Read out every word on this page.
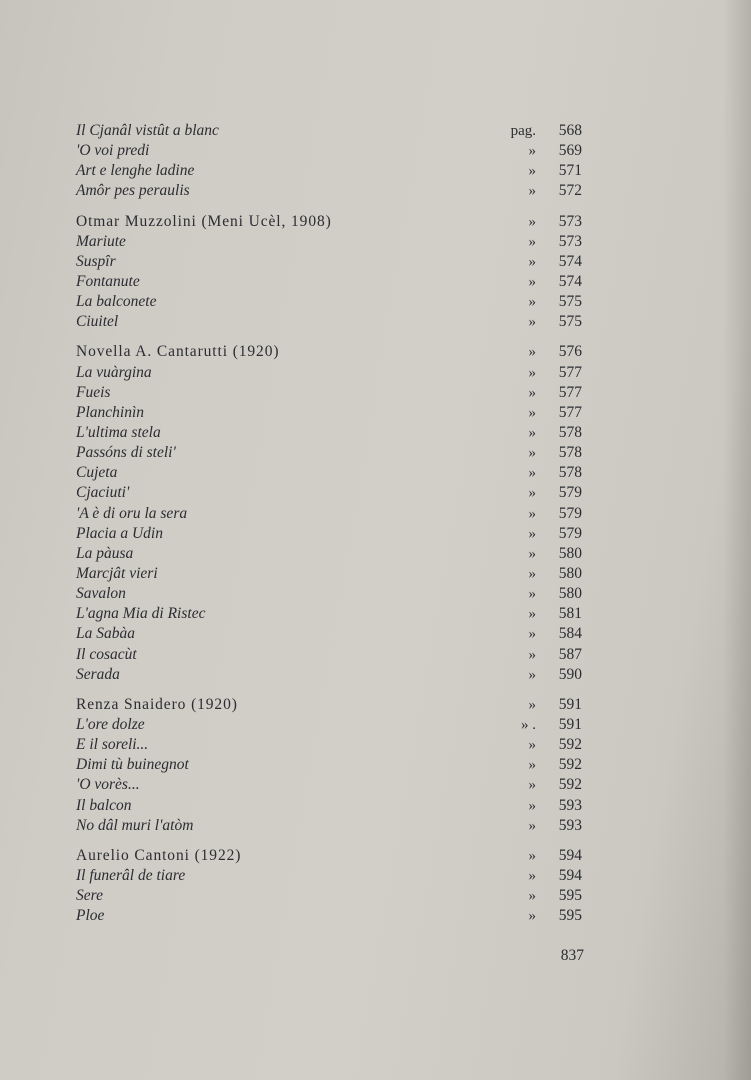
Il Cjanâl vistût a blanc	pag.	568
'O voi predi	»	569
Art e lenghe ladine	»	571
Amôr pes peraulis	»	572
Otmar Muzzolini (Meni Ucèl, 1908)	»	573
Mariute	»	573
Suspîr	»	574
Fontanute	»	574
La balconete	»	575
Ciuitel	»	575
Novella A. Cantarutti (1920)	»	576
La vuàrgina	»	577
Fueis	»	577
Planchinìn	»	577
L'ultima stela	»	578
Passóns di steli'	»	578
Cujeta	»	578
Cjaciuti'	»	579
'A è di oru la sera	»	579
Placia a Udin	»	579
La pàusa	»	580
Marcjât vieri	»	580
Savalon	»	580
L'agna Mia di Ristec	»	581
La Sabàa	»	584
Il cosacùt	»	587
Serada	»	590
Renza Snaidero (1920)	»	591
L'ore dolze	» .	591
E il soreli...	»	592
Dimi tù buinegnot	»	592
'O vorès...	»	592
Il balcon	»	593
No dâl muri l'atòm	»	593
Aurelio Cantoni (1922)	»	594
Il funerâl de tiare	»	594
Sere	»	595
Ploe	»	595
837
